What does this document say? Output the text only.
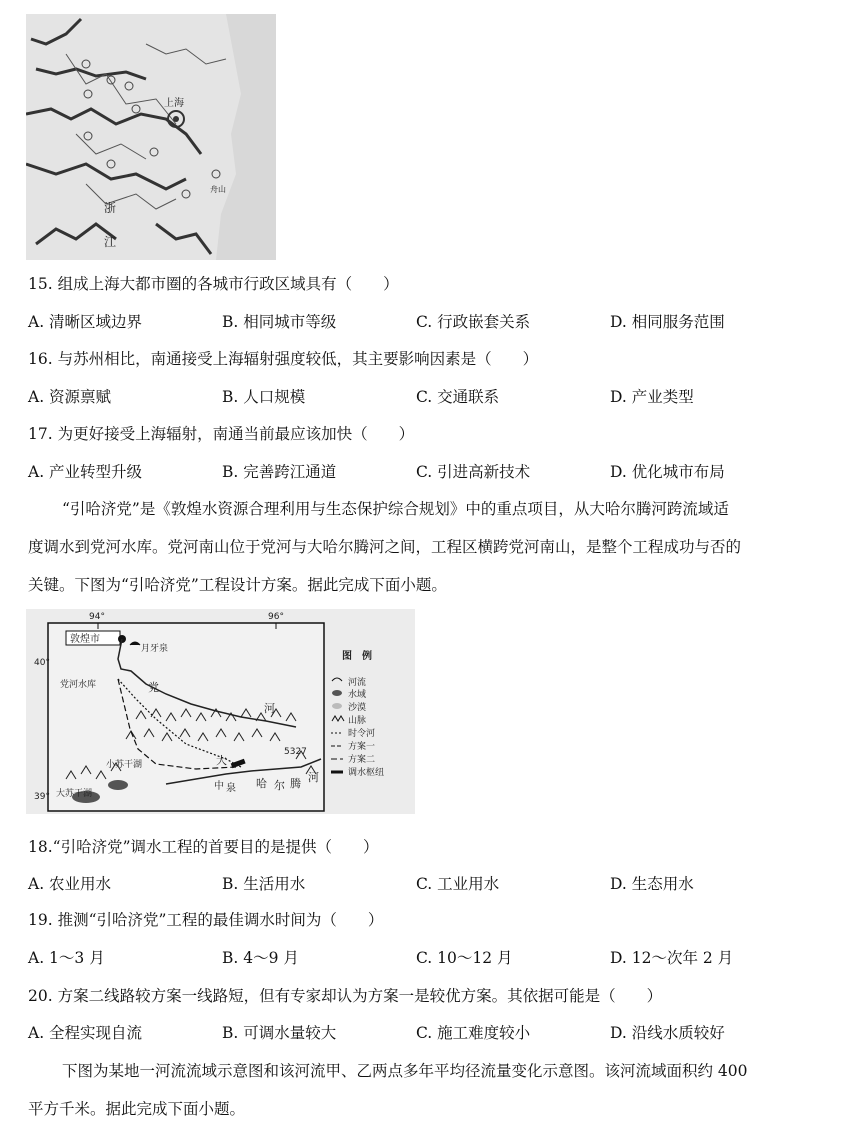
上海
舟山
浙
江
15. 组成上海大都市圈的各城市行政区域具有（　　）
A. 清晰区域边界	B. 相同城市等级	C. 行政嵌套关系	D. 相同服务范围
16. 与苏州相比，南通接受上海辐射强度较低，其主要影响因素是（　　）
A. 资源禀赋	B. 人口规模	C. 交通联系	D. 产业类型
17. 为更好接受上海辐射，南通当前最应该加快（　　）
A. 产业转型升级	B. 完善跨江通道	C. 引进高新技术	D. 优化城市布局
“引哈济党”是《敦煌水资源合理利用与生态保护综合规划》中的重点项目，从大哈尔腾河跨流域适
度调水到党河水库。党河南山位于党河与大哈尔腾河之间，工程区横跨党河南山，是整个工程成功与否的
关键。下图为“引哈济党”工程设计方案。据此完成下面小题。
94°	96°
40°
39°
敦煌市
月牙泉
党河水库	党
河
大
哈 尔 腾 河
中 泉
5327
小苏干湖
大苏干湖
图　例
河流
水域
沙漠
山脉
时令河
方案一
方案二
调水枢纽
18.“引哈济党”调水工程的首要目的是提供（　　）
A. 农业用水	B. 生活用水	C. 工业用水	D. 生态用水
19. 推测“引哈济党”工程的最佳调水时间为（　　）
A. 1～3 月	B. 4～9 月	C. 10～12 月	D. 12～次年 2 月
20. 方案二线路较方案一线路短，但有专家却认为方案一是较优方案。其依据可能是（　　）
A. 全程实现自流	B. 可调水量较大	C. 施工难度较小	D. 沿线水质较好
下图为某地一河流流域示意图和该河流甲、乙两点多年平均径流量变化示意图。该河流域面积约 400
平方千米。据此完成下面小题。
